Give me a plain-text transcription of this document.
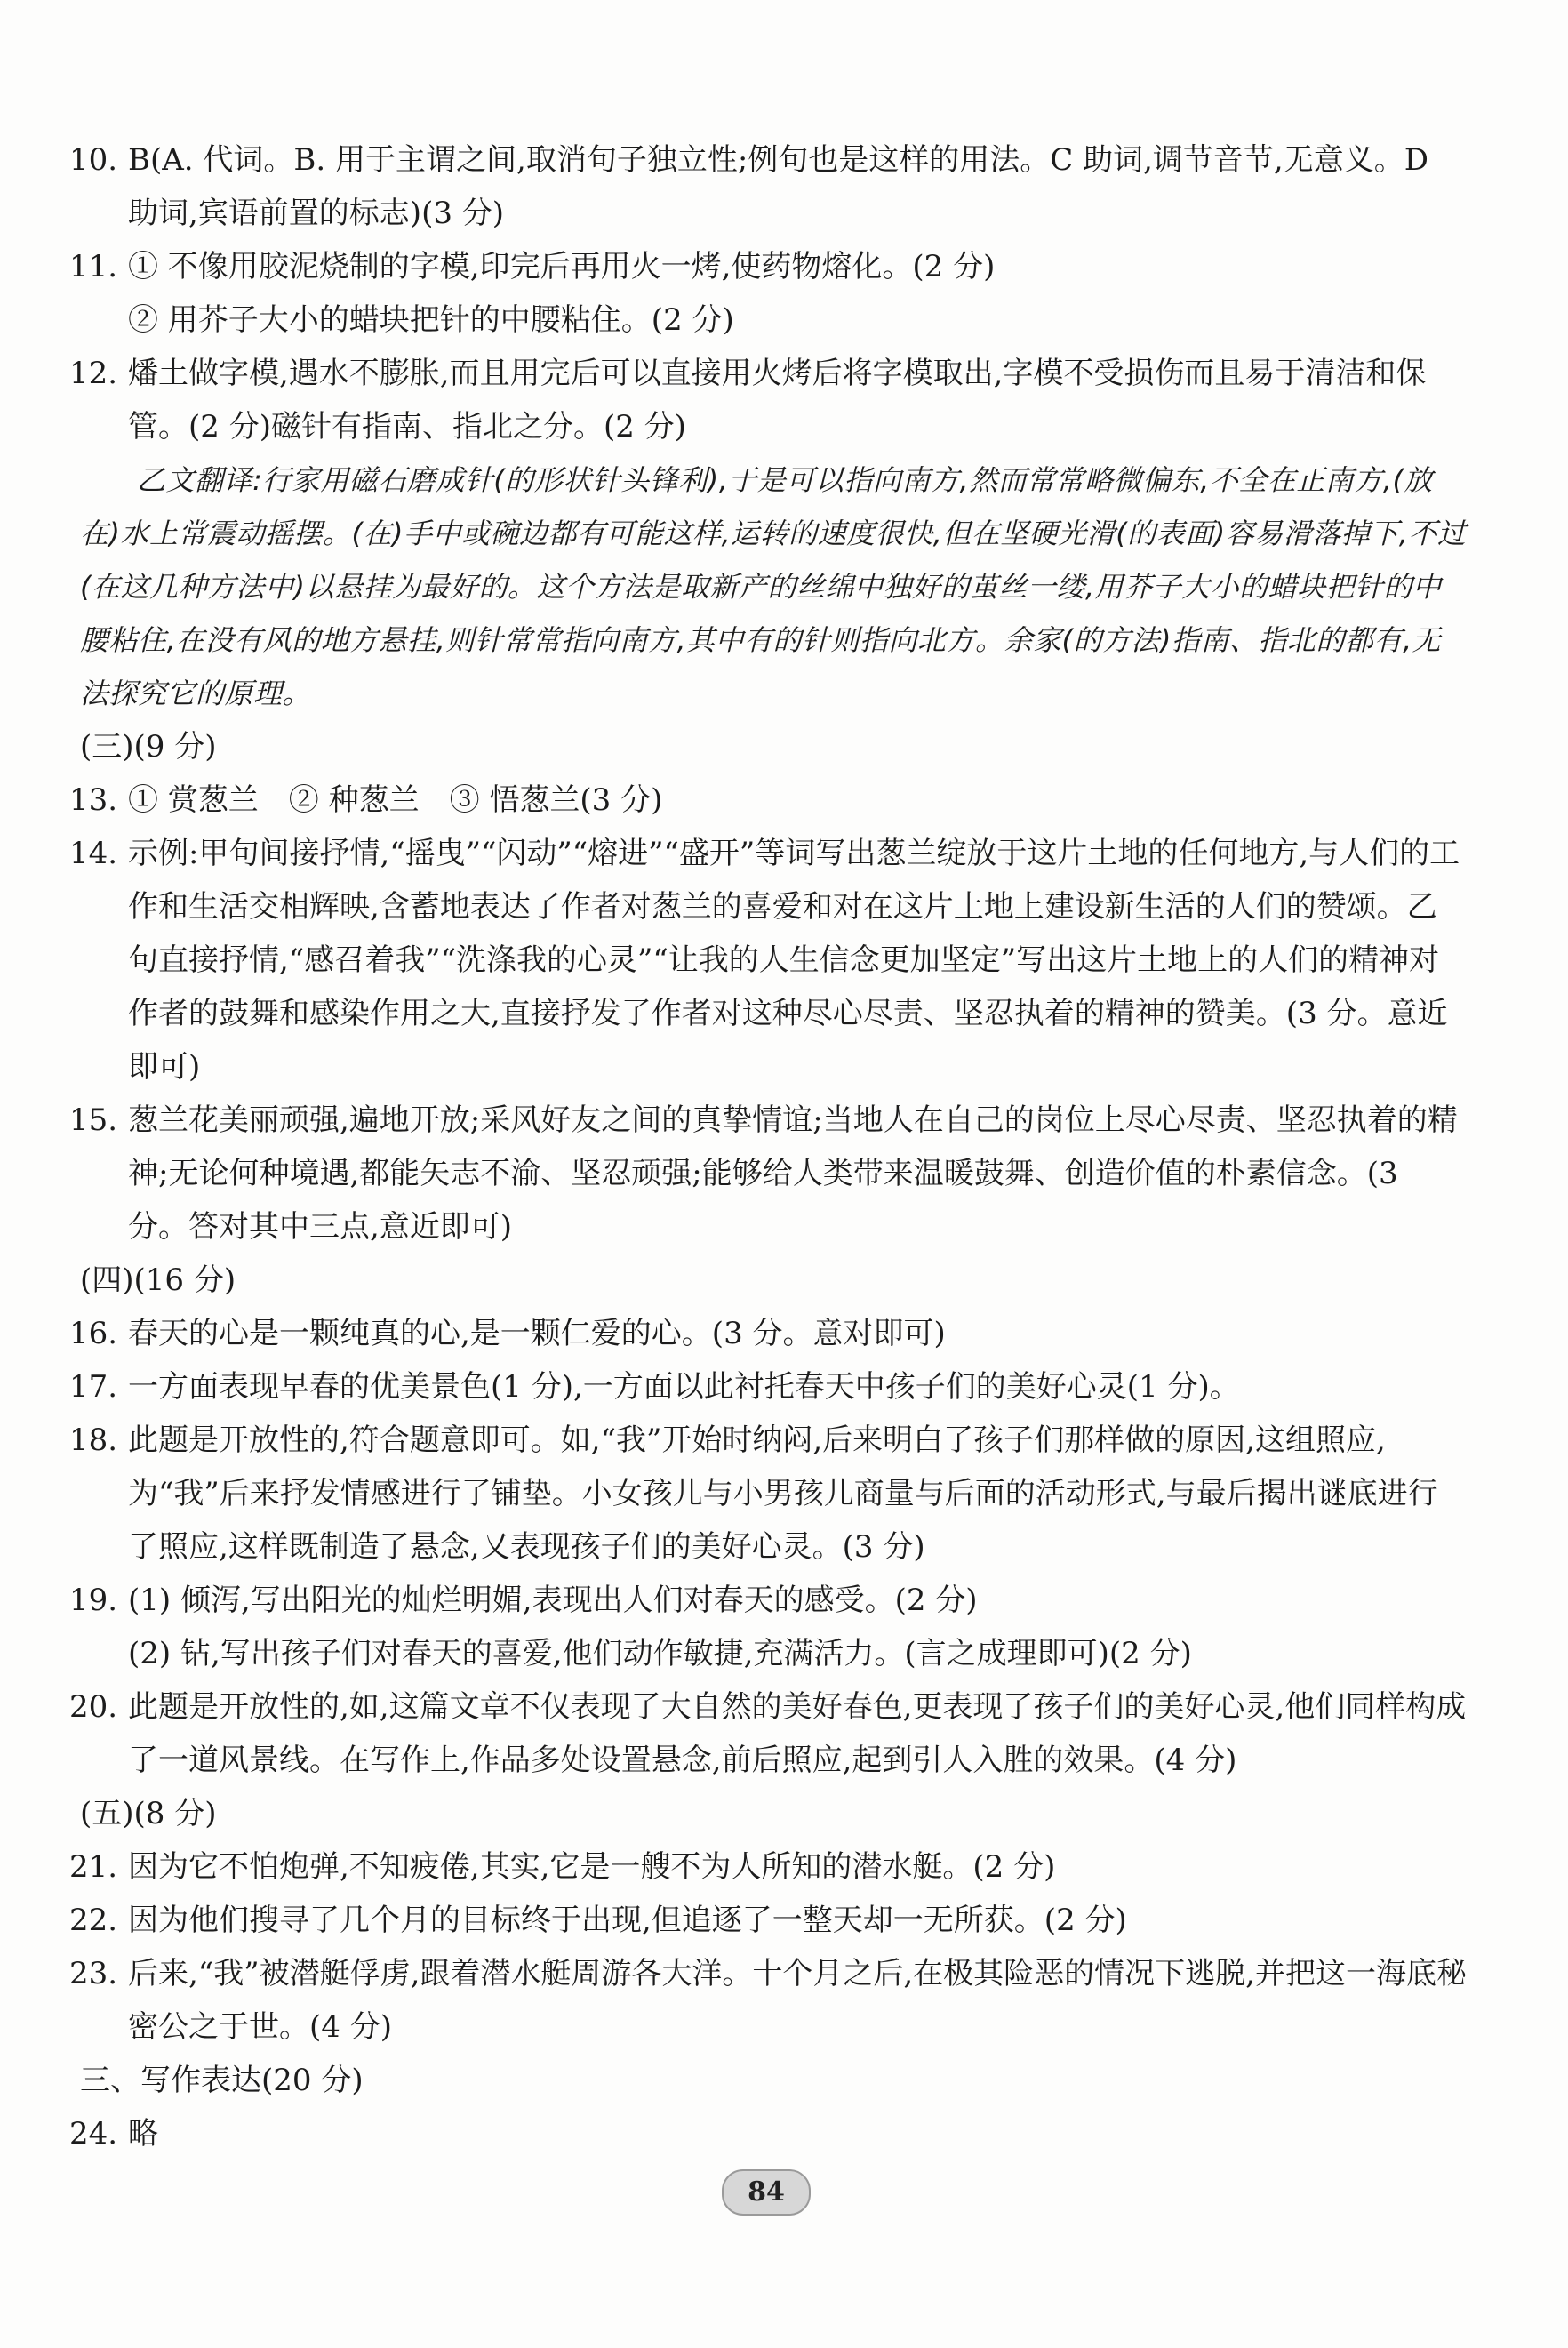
10. B(A. 代词。B. 用于主谓之间,取消句子独立性;例句也是这样的用法。C 助词,调节音节,无意义。D 助词,宾语前置的标志)(3 分)
11. ① 不像用胶泥烧制的字模,印完后再用火一烤,使药物熔化。(2 分)
② 用芥子大小的蜡块把针的中腰粘住。(2 分)
12. 燔土做字模,遇水不膨胀,而且用完后可以直接用火烤后将字模取出,字模不受损伤而且易于清洁和保管。(2 分)磁针有指南、指北之分。(2 分)
乙文翻译:行家用磁石磨成针(的形状针头锋利),于是可以指向南方,然而常常略微偏东,不全在正南方,(放在)水上常震动摇摆。(在)手中或碗边都有可能这样,运转的速度很快,但在坚硬光滑(的表面)容易滑落掉下,不过(在这几种方法中)以悬挂为最好的。这个方法是取新产的丝绵中独好的茧丝一缕,用芥子大小的蜡块把针的中腰粘住,在没有风的地方悬挂,则针常常指向南方,其中有的针则指向北方。余家(的方法)指南、指北的都有,无法探究它的原理。
(三)(9 分)
13. ① 赏葱兰　② 种葱兰　③ 悟葱兰(3 分)
14. 示例:甲句间接抒情,“摇曳”“闪动”“熔进”“盛开”等词写出葱兰绽放于这片土地的任何地方,与人们的工作和生活交相辉映,含蓄地表达了作者对葱兰的喜爱和对在这片土地上建设新生活的人们的赞颂。乙句直接抒情,“感召着我”“洗涤我的心灵”“让我的人生信念更加坚定”写出这片土地上的人们的精神对作者的鼓舞和感染作用之大,直接抒发了作者对这种尽心尽责、坚忍执着的精神的赞美。(3 分。意近即可)
15. 葱兰花美丽顽强,遍地开放;采风好友之间的真挚情谊;当地人在自己的岗位上尽心尽责、坚忍执着的精神;无论何种境遇,都能矢志不渝、坚忍顽强;能够给人类带来温暖鼓舞、创造价值的朴素信念。(3 分。答对其中三点,意近即可)
(四)(16 分)
16. 春天的心是一颗纯真的心,是一颗仁爱的心。(3 分。意对即可)
17. 一方面表现早春的优美景色(1 分),一方面以此衬托春天中孩子们的美好心灵(1 分)。
18. 此题是开放性的,符合题意即可。如,“我”开始时纳闷,后来明白了孩子们那样做的原因,这组照应,为“我”后来抒发情感进行了铺垫。小女孩儿与小男孩儿商量与后面的活动形式,与最后揭出谜底进行了照应,这样既制造了悬念,又表现孩子们的美好心灵。(3 分)
19. (1) 倾泻,写出阳光的灿烂明媚,表现出人们对春天的感受。(2 分)
(2) 钻,写出孩子们对春天的喜爱,他们动作敏捷,充满活力。(言之成理即可)(2 分)
20. 此题是开放性的,如,这篇文章不仅表现了大自然的美好春色,更表现了孩子们的美好心灵,他们同样构成了一道风景线。在写作上,作品多处设置悬念,前后照应,起到引人入胜的效果。(4 分)
(五)(8 分)
21. 因为它不怕炮弹,不知疲倦,其实,它是一艘不为人所知的潜水艇。(2 分)
22. 因为他们搜寻了几个月的目标终于出现,但追逐了一整天却一无所获。(2 分)
23. 后来,“我”被潜艇俘虏,跟着潜水艇周游各大洋。十个月之后,在极其险恶的情况下逃脱,并把这一海底秘密公之于世。(4 分)
三、写作表达(20 分)
24. 略
84
